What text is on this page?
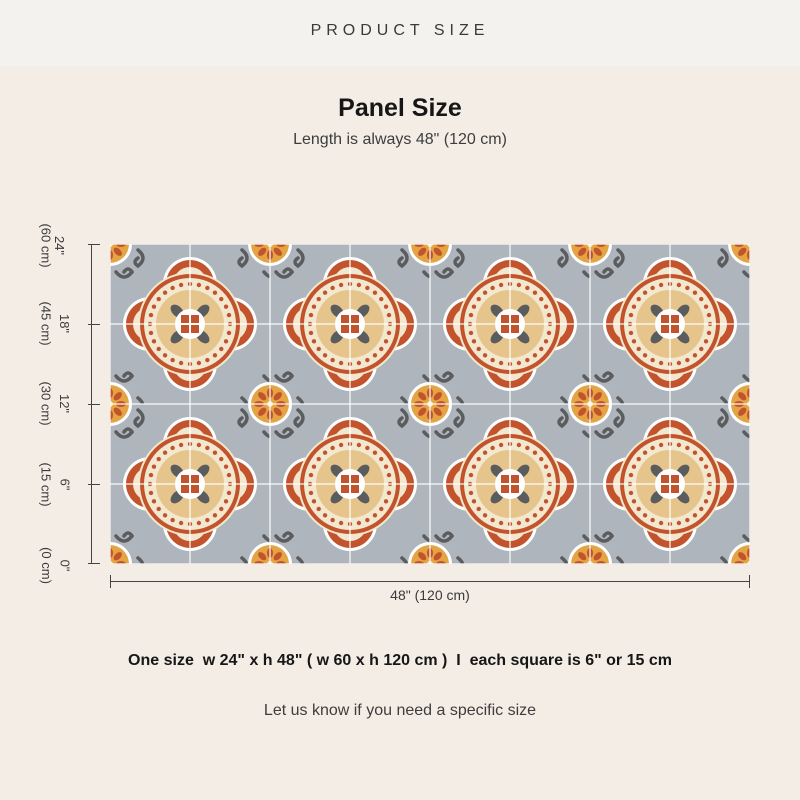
PRODUCT SIZE
Panel Size
Length is always 48" (120 cm)
24"
(60 cm)
18"
(45 cm)
12"
(30 cm)
6"
(15 cm)
0"
(0 cm)
48" (120 cm)
One size  w 24" x h 48" ( w 60 x h 120 cm )  I  each square is 6" or 15 cm
Let us know if you need a specific size
